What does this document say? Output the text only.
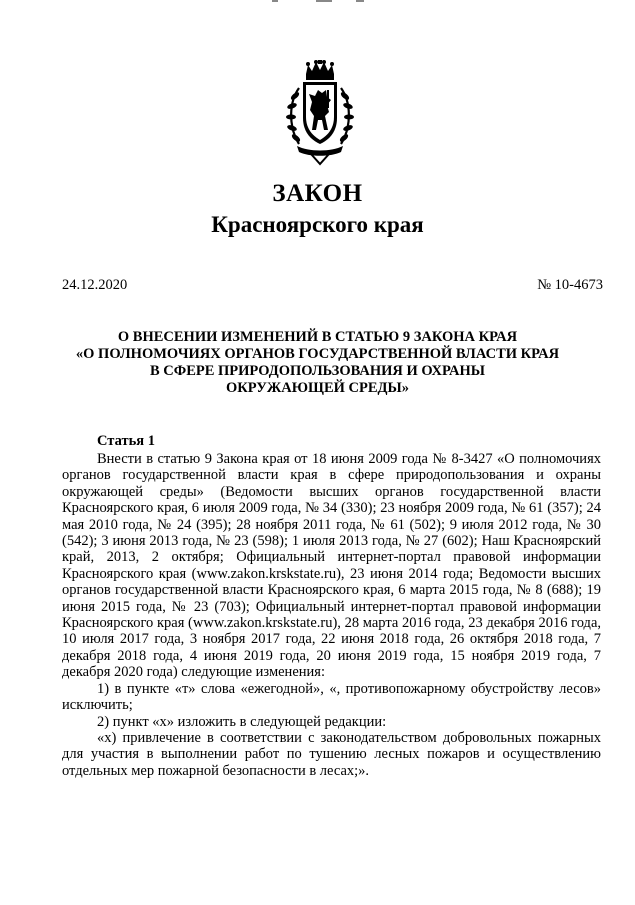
ЗАКОН
Красноярского края
24.12.2020	№ 10-4673
О ВНЕСЕНИИ ИЗМЕНЕНИЙ В СТАТЬЮ 9 ЗАКОНА КРАЯ
«О ПОЛНОМОЧИЯХ ОРГАНОВ ГОСУДАРСТВЕННОЙ ВЛАСТИ КРАЯ
В СФЕРЕ ПРИРОДОПОЛЬЗОВАНИЯ И ОХРАНЫ
ОКРУЖАЮЩЕЙ СРЕДЫ»
Статья 1

Внести в статью 9 Закона края от 18 июня 2009 года № 8-3427 «О полномочиях органов государственной власти края в сфере природопользования и охраны окружающей среды» (Ведомости высших органов государственной власти Красноярского края, 6 июля 2009 года, № 34 (330); 23 ноября 2009 года, № 61 (357); 24 мая 2010 года, № 24 (395); 28 ноября 2011 года, № 61 (502); 9 июля 2012 года, № 30 (542); 3 июня 2013 года, № 23 (598); 1 июля 2013 года, № 27 (602); Наш Красноярский край, 2013, 2 октября; Официальный интернет-портал правовой информации Красноярского края (www.zakon.krskstate.ru), 23 июня 2014 года; Ведомости высших органов государственной власти Красноярского края, 6 марта 2015 года, № 8 (688); 19 июня 2015 года, № 23 (703); Официальный интернет-портал правовой информации Красноярского края (www.zakon.krskstate.ru), 28 марта 2016 года, 23 декабря 2016 года, 10 июля 2017 года, 3 ноября 2017 года, 22 июня 2018 года, 26 октября 2018 года, 7 декабря 2018 года, 4 июня 2019 года, 20 июня 2019 года, 15 ноября 2019 года, 7 декабря 2020 года) следующие изменения:

1) в пункте «т» слова «ежегодной», «, противопожарному обустройству лесов» исключить;

2) пункт «х» изложить в следующей редакции:

«х) привлечение в соответствии с законодательством добровольных пожарных для участия в выполнении работ по тушению лесных пожаров и осуществлению отдельных мер пожарной безопасности в лесах;».
